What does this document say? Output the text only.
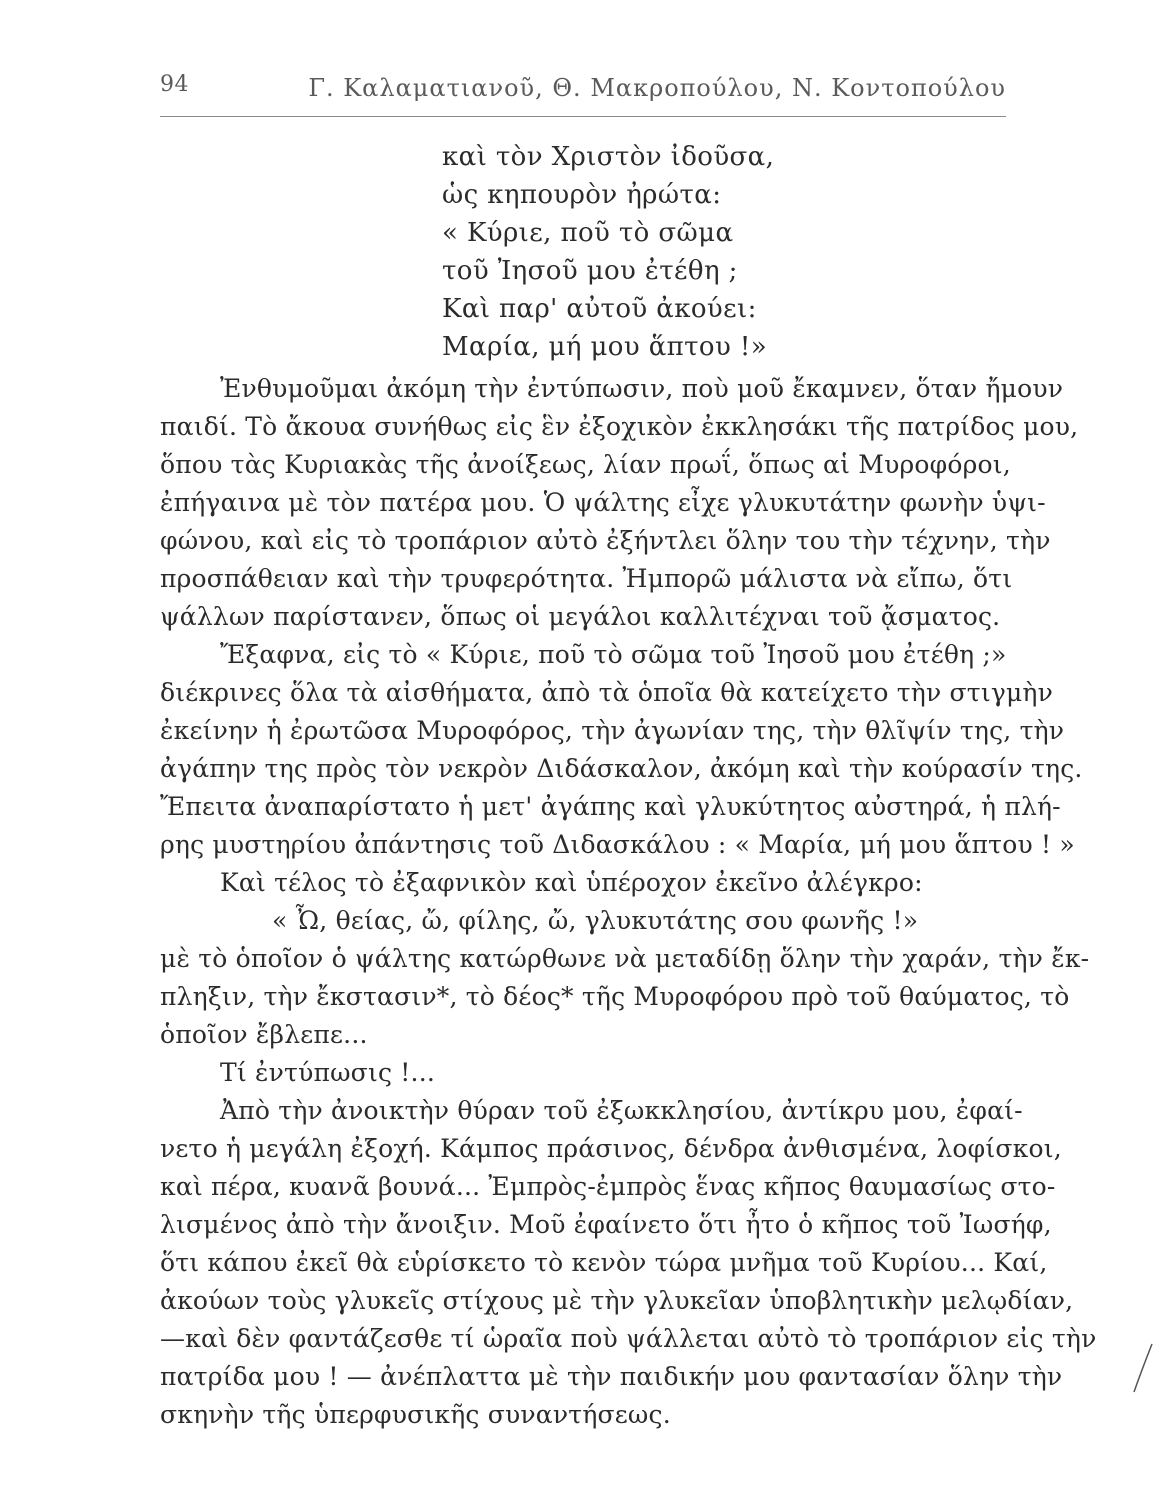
94	Γ. Καλαματιανοῦ, Θ. Μακροπούλου, Ν. Κοντοπούλου
καὶ τὸν Χριστὸν ἰδοῦσα,
ὡς κηπουρὸν ἠρώτα:
« Κύριε, ποῦ τὸ σῶμα
τοῦ Ἰησοῦ μου ἐτέθη ;
Καὶ παρ' αὐτοῦ ἀκούει:
Μαρία, μή μου ἅπτου !»
Ἐνθυμοῦμαι ἀκόμη τὴν ἐντύπωσιν, ποὺ μοῦ ἔκαμνεν, ὅταν ἤμουν
παιδί. Τὸ ἄκουα συνήθως εἰς ἓν ἐξοχικὸν ἐκκλησάκι τῆς πατρίδος μου,
ὅπου τὰς Κυριακὰς τῆς ἀνοίξεως, λίαν πρωΐ, ὅπως αἱ Μυροφόροι,
ἐπήγαινα μὲ τὸν πατέρα μου. Ὁ ψάλτης εἶχε γλυκυτάτην φωνὴν ὑψι-
φώνου, καὶ εἰς τὸ τροπάριον αὐτὸ ἐξήντλει ὅλην του τὴν τέχνην, τὴν
προσπάθειαν καὶ τὴν τρυφερότητα. Ἠμπορῶ μάλιστα νὰ εἴπω, ὅτι
ψάλλων παρίστανεν, ὅπως οἱ μεγάλοι καλλιτέχναι τοῦ ᾄσματος.
Ἔξαφνα, εἰς τὸ « Κύριε, ποῦ τὸ σῶμα τοῦ Ἰησοῦ μου ἐτέθη ;»
διέκρινες ὅλα τὰ αἰσθήματα, ἀπὸ τὰ ὁποῖα θὰ κατείχετο τὴν στιγμὴν
ἐκείνην ἡ ἐρωτῶσα Μυροφόρος, τὴν ἀγωνίαν της, τὴν θλῖψίν της, τὴν
ἀγάπην της πρὸς τὸν νεκρὸν Διδάσκαλον, ἀκόμη καὶ τὴν κούρασίν της.
Ἔπειτα ἀναπαρίστατο ἡ μετ' ἀγάπης καὶ γλυκύτητος αὐστηρά, ἡ πλή-
ρης μυστηρίου ἀπάντησις τοῦ Διδασκάλου : « Μαρία, μή μου ἅπτου ! »
Καὶ τέλος τὸ ἐξαφνικὸν καὶ ὑπέροχον ἐκεῖνο ἀλέγκρο:
« Ὦ, θείας, ὤ, φίλης, ὤ, γλυκυτάτης σου φωνῆς !»
μὲ τὸ ὁποῖον ὁ ψάλτης κατώρθωνε νὰ μεταδίδῃ ὅλην τὴν χαράν, τὴν ἔκ-
πληξιν, τὴν ἔκστασιν*, τὸ δέος* τῆς Μυροφόρου πρὸ τοῦ θαύματος, τὸ
ὁποῖον ἔβλεπε...
Τί ἐντύπωσις !...
Ἀπὸ τὴν ἀνοικτὴν θύραν τοῦ ἐξωκκλησίου, ἀντίκρυ μου, ἐφαί-
νετο ἡ μεγάλη ἐξοχή. Κάμπος πράσινος, δένδρα ἀνθισμένα, λοφίσκοι,
καὶ πέρα, κυανᾶ βουνά... Ἐμπρὸς-ἐμπρὸς ἕνας κῆπος θαυμασίως στο-
λισμένος ἀπὸ τὴν ἄνοιξιν. Μοῦ ἐφαίνετο ὅτι ἦτο ὁ κῆπος τοῦ Ἰωσήφ,
ὅτι κάπου ἐκεῖ θὰ εὑρίσκετο τὸ κενὸν τώρα μνῆμα τοῦ Κυρίου... Καί,
ἀκούων τοὺς γλυκεῖς στίχους μὲ τὴν γλυκεῖαν ὑποβλητικὴν μελῳδίαν,
—καὶ δὲν φαντάζεσθε τί ὡραῖα ποὺ ψάλλεται αὐτὸ τὸ τροπάριον εἰς τὴν
πατρίδα μου ! — ἀνέπλαττα μὲ τὴν παιδικήν μου φαντασίαν ὅλην τὴν
σκηνὴν τῆς ὑπερφυσικῆς συναντήσεως.
